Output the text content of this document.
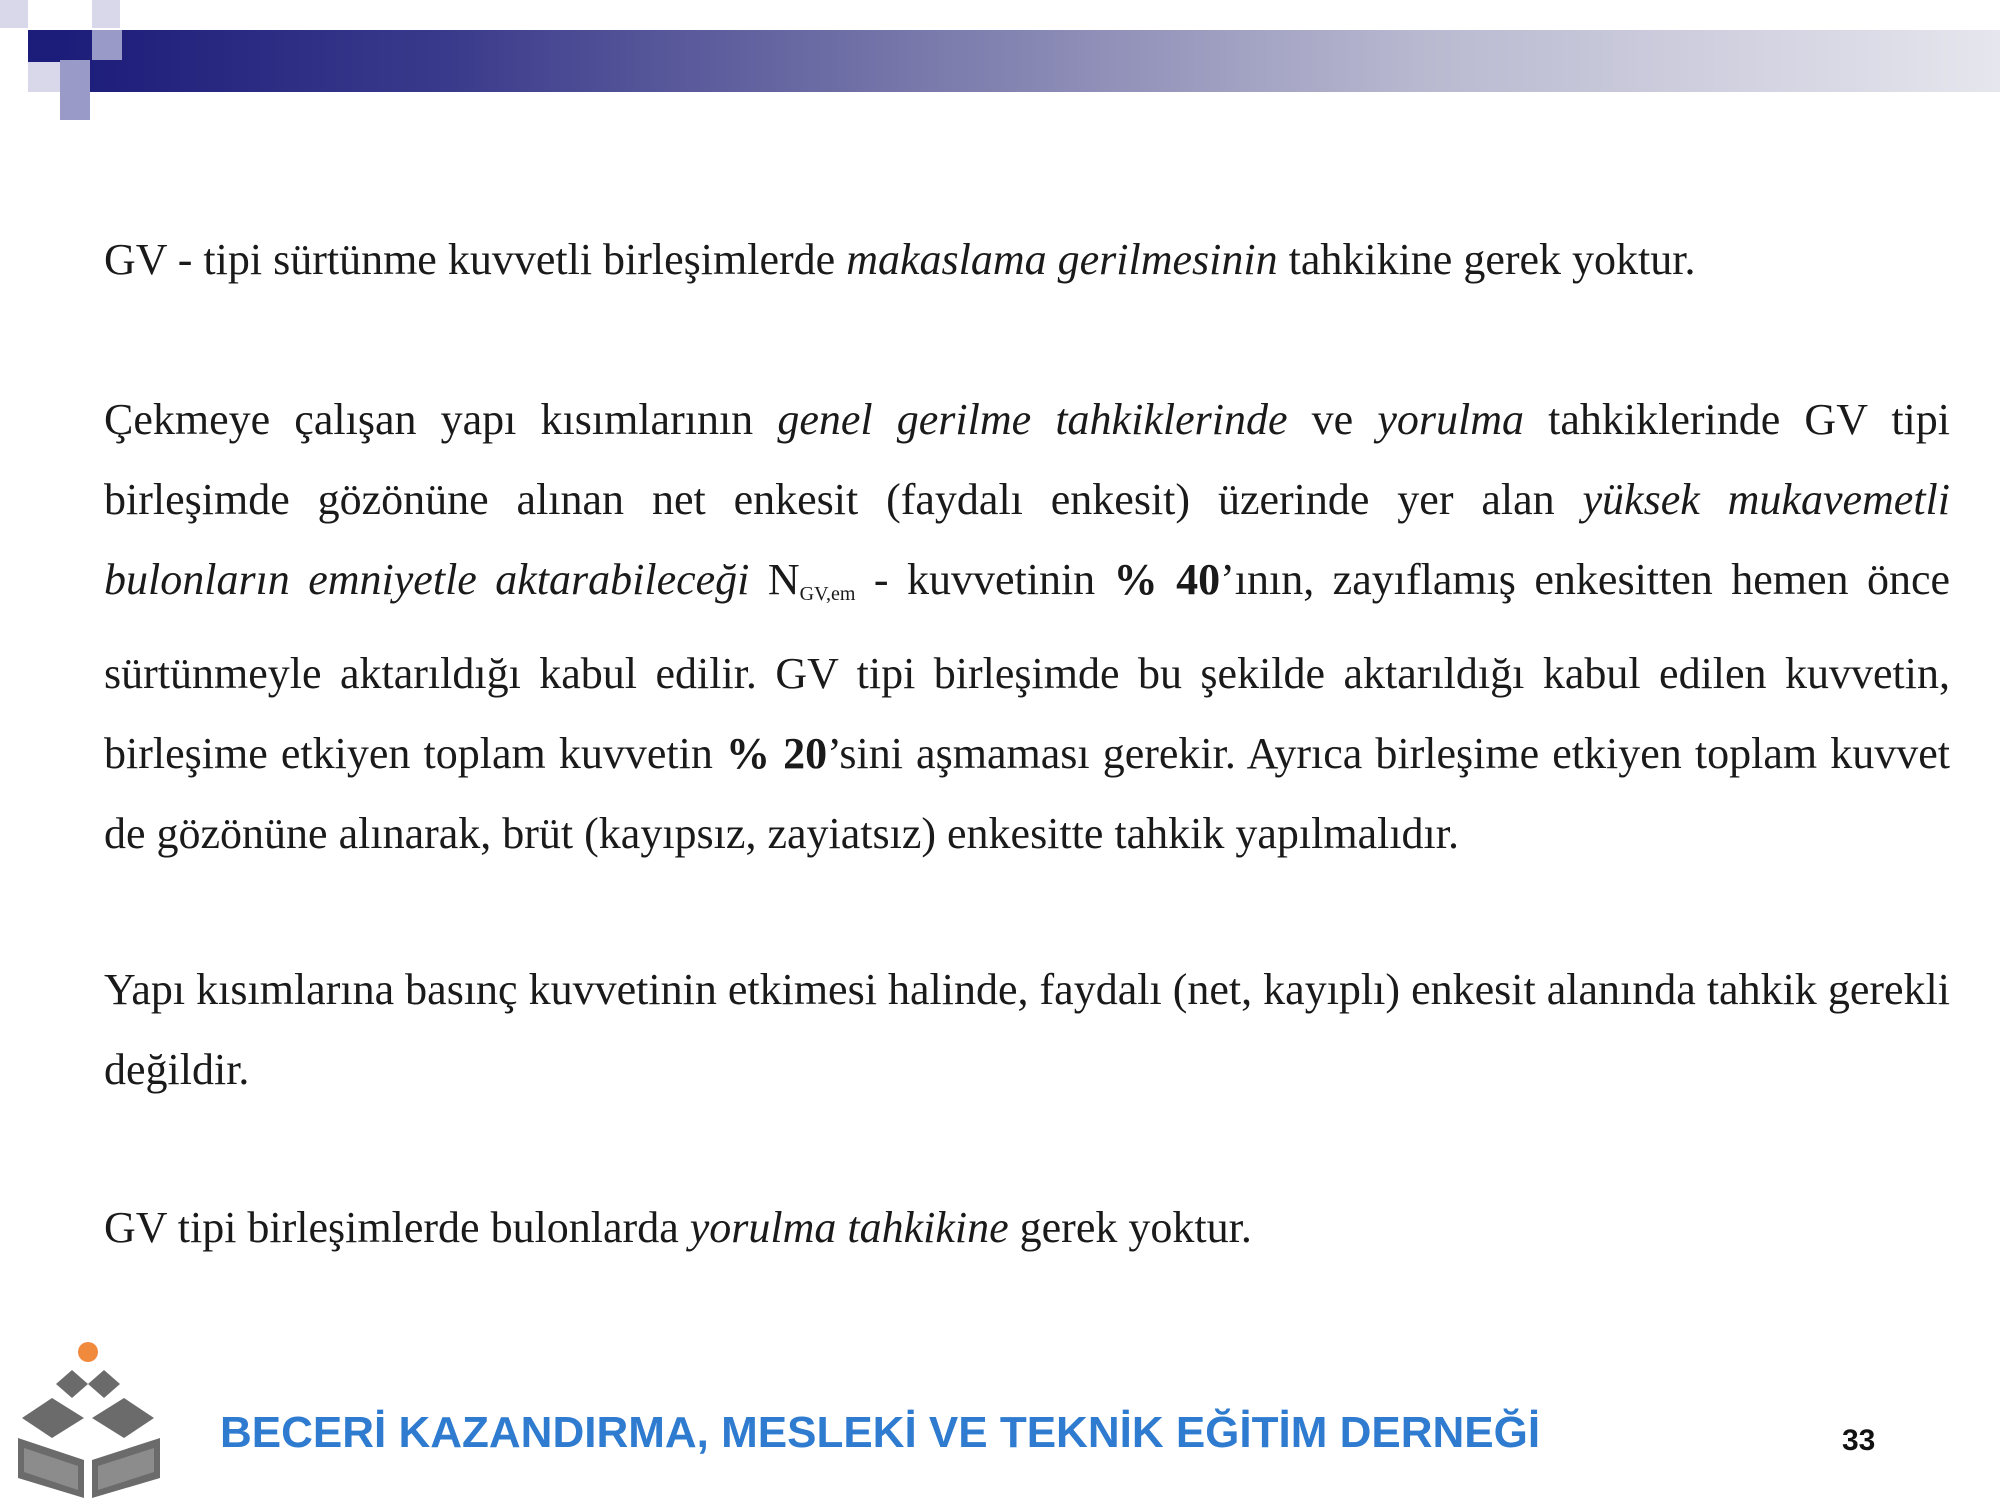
GV - tipi sürtünme kuvvetli birleşimlerde makaslama gerilmesinin tahkikine gerek yoktur.

Çekmeye çalışan yapı kısımlarının genel gerilme tahkiklerinde ve yorulma tahkiklerinde GV tipi birleşimde gözönüne alınan net enkesit (faydalı enkesit) üzerinde yer alan yüksek mukavemetli bulonların emniyetle aktarabileceği $N_{GV,em}$ - kuvvetinin % 40’ının, zayıflamış enkesitten hemen önce sürtünmeyle aktarıldığı kabul edilir. GV tipi birleşimde bu şekilde aktarıldığı kabul edilen kuvvetin, birleşime etkiyen toplam kuvvetin % 20’sini aşmaması gerekir. Ayrıca birleşime etkiyen toplam kuvvet de gözönüne alınarak, brüt (kayıpsız, zayiatsız) enkesitte tahkik yapılmalıdır.

Yapı kısımlarına basınç kuvvetinin etkimesi halinde, faydalı (net, kayıplı) enkesit alanında tahkik gerekli değildir.

GV tipi birleşimlerde bulonlarda yorulma tahkikine gerek yoktur.

BECERİ KAZANDIRMA, MESLEKİ VE TEKNİK EĞİTİM DERNEĞİ	33
